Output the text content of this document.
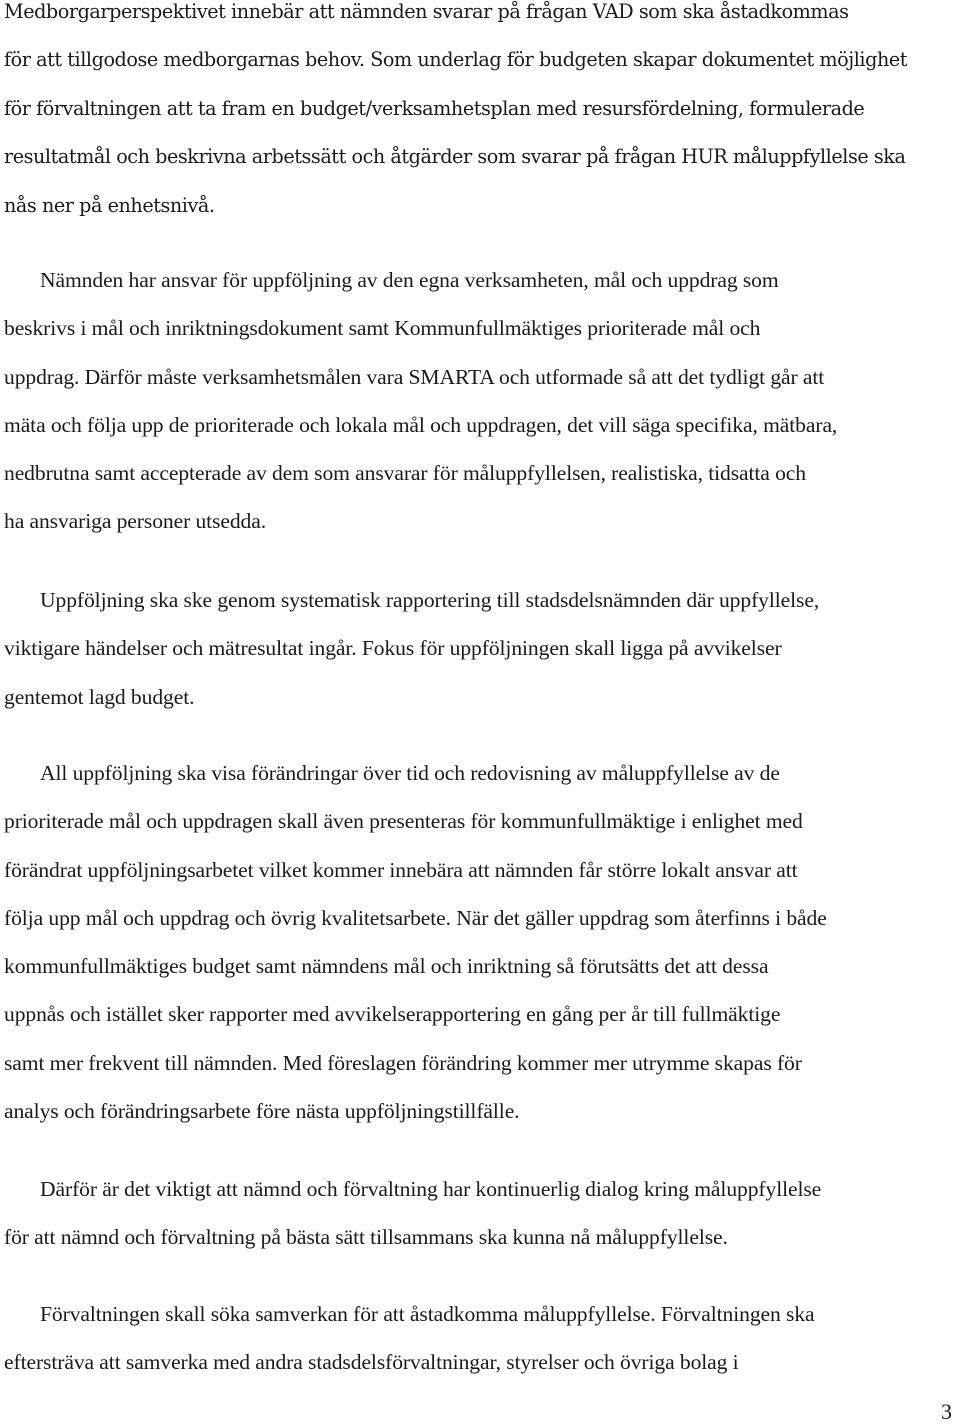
Medborgarperspektivet innebär att nämnden svarar på frågan VAD som ska åstadkommas
för att tillgodose medborgarnas behov. Som underlag för budgeten skapar dokumentet möjlighet
för förvaltningen att ta fram en budget/verksamhetsplan med resursfördelning, formulerade
resultatmål och beskrivna arbetssätt och åtgärder som svarar på frågan HUR måluppfyllelse ska
nås ner på enhetsnivå.

Nämnden har ansvar för uppföljning av den egna verksamheten, mål och uppdrag som
beskrivs i mål och inriktningsdokument samt Kommunfullmäktiges prioriterade mål och
uppdrag. Därför måste verksamhetsmålen vara SMARTA och utformade så att det tydligt går att
mäta och följa upp de prioriterade och lokala mål och uppdragen, det vill säga specifika, mätbara,
nedbrutna samt accepterade av dem som ansvarar för måluppfyllelsen, realistiska, tidsatta och
ha ansvariga personer utsedda.

Uppföljning ska ske genom systematisk rapportering till stadsdelsnämnden där uppfyllelse,
viktigare händelser och mätresultat ingår. Fokus för uppföljningen skall ligga på avvikelser
gentemot lagd budget.

All uppföljning ska visa förändringar över tid och redovisning av måluppfyllelse av de
prioriterade mål och uppdragen skall även presenteras för kommunfullmäktige i enlighet med
förändrat uppföljningsarbetet vilket kommer innebära att nämnden får större lokalt ansvar att
följa upp mål och uppdrag och övrig kvalitetsarbete. När det gäller uppdrag som återfinns i både
kommunfullmäktiges budget samt nämndens mål och inriktning så förutsätts det att dessa
uppnås och istället sker rapporter med avvikelserapportering en gång per år till fullmäktige
samt mer frekvent till nämnden. Med föreslagen förändring kommer mer utrymme skapas för
analys och förändringsarbete före nästa uppföljningstillfälle.

Därför är det viktigt att nämnd och förvaltning har kontinuerlig dialog kring måluppfyllelse
för att nämnd och förvaltning på bästa sätt tillsammans ska kunna nå måluppfyllelse.

Förvaltningen skall söka samverkan för att åstadkomma måluppfyllelse. Förvaltningen ska
eftersträva att samverka med andra stadsdelsförvaltningar, styrelser och övriga bolag i

3
